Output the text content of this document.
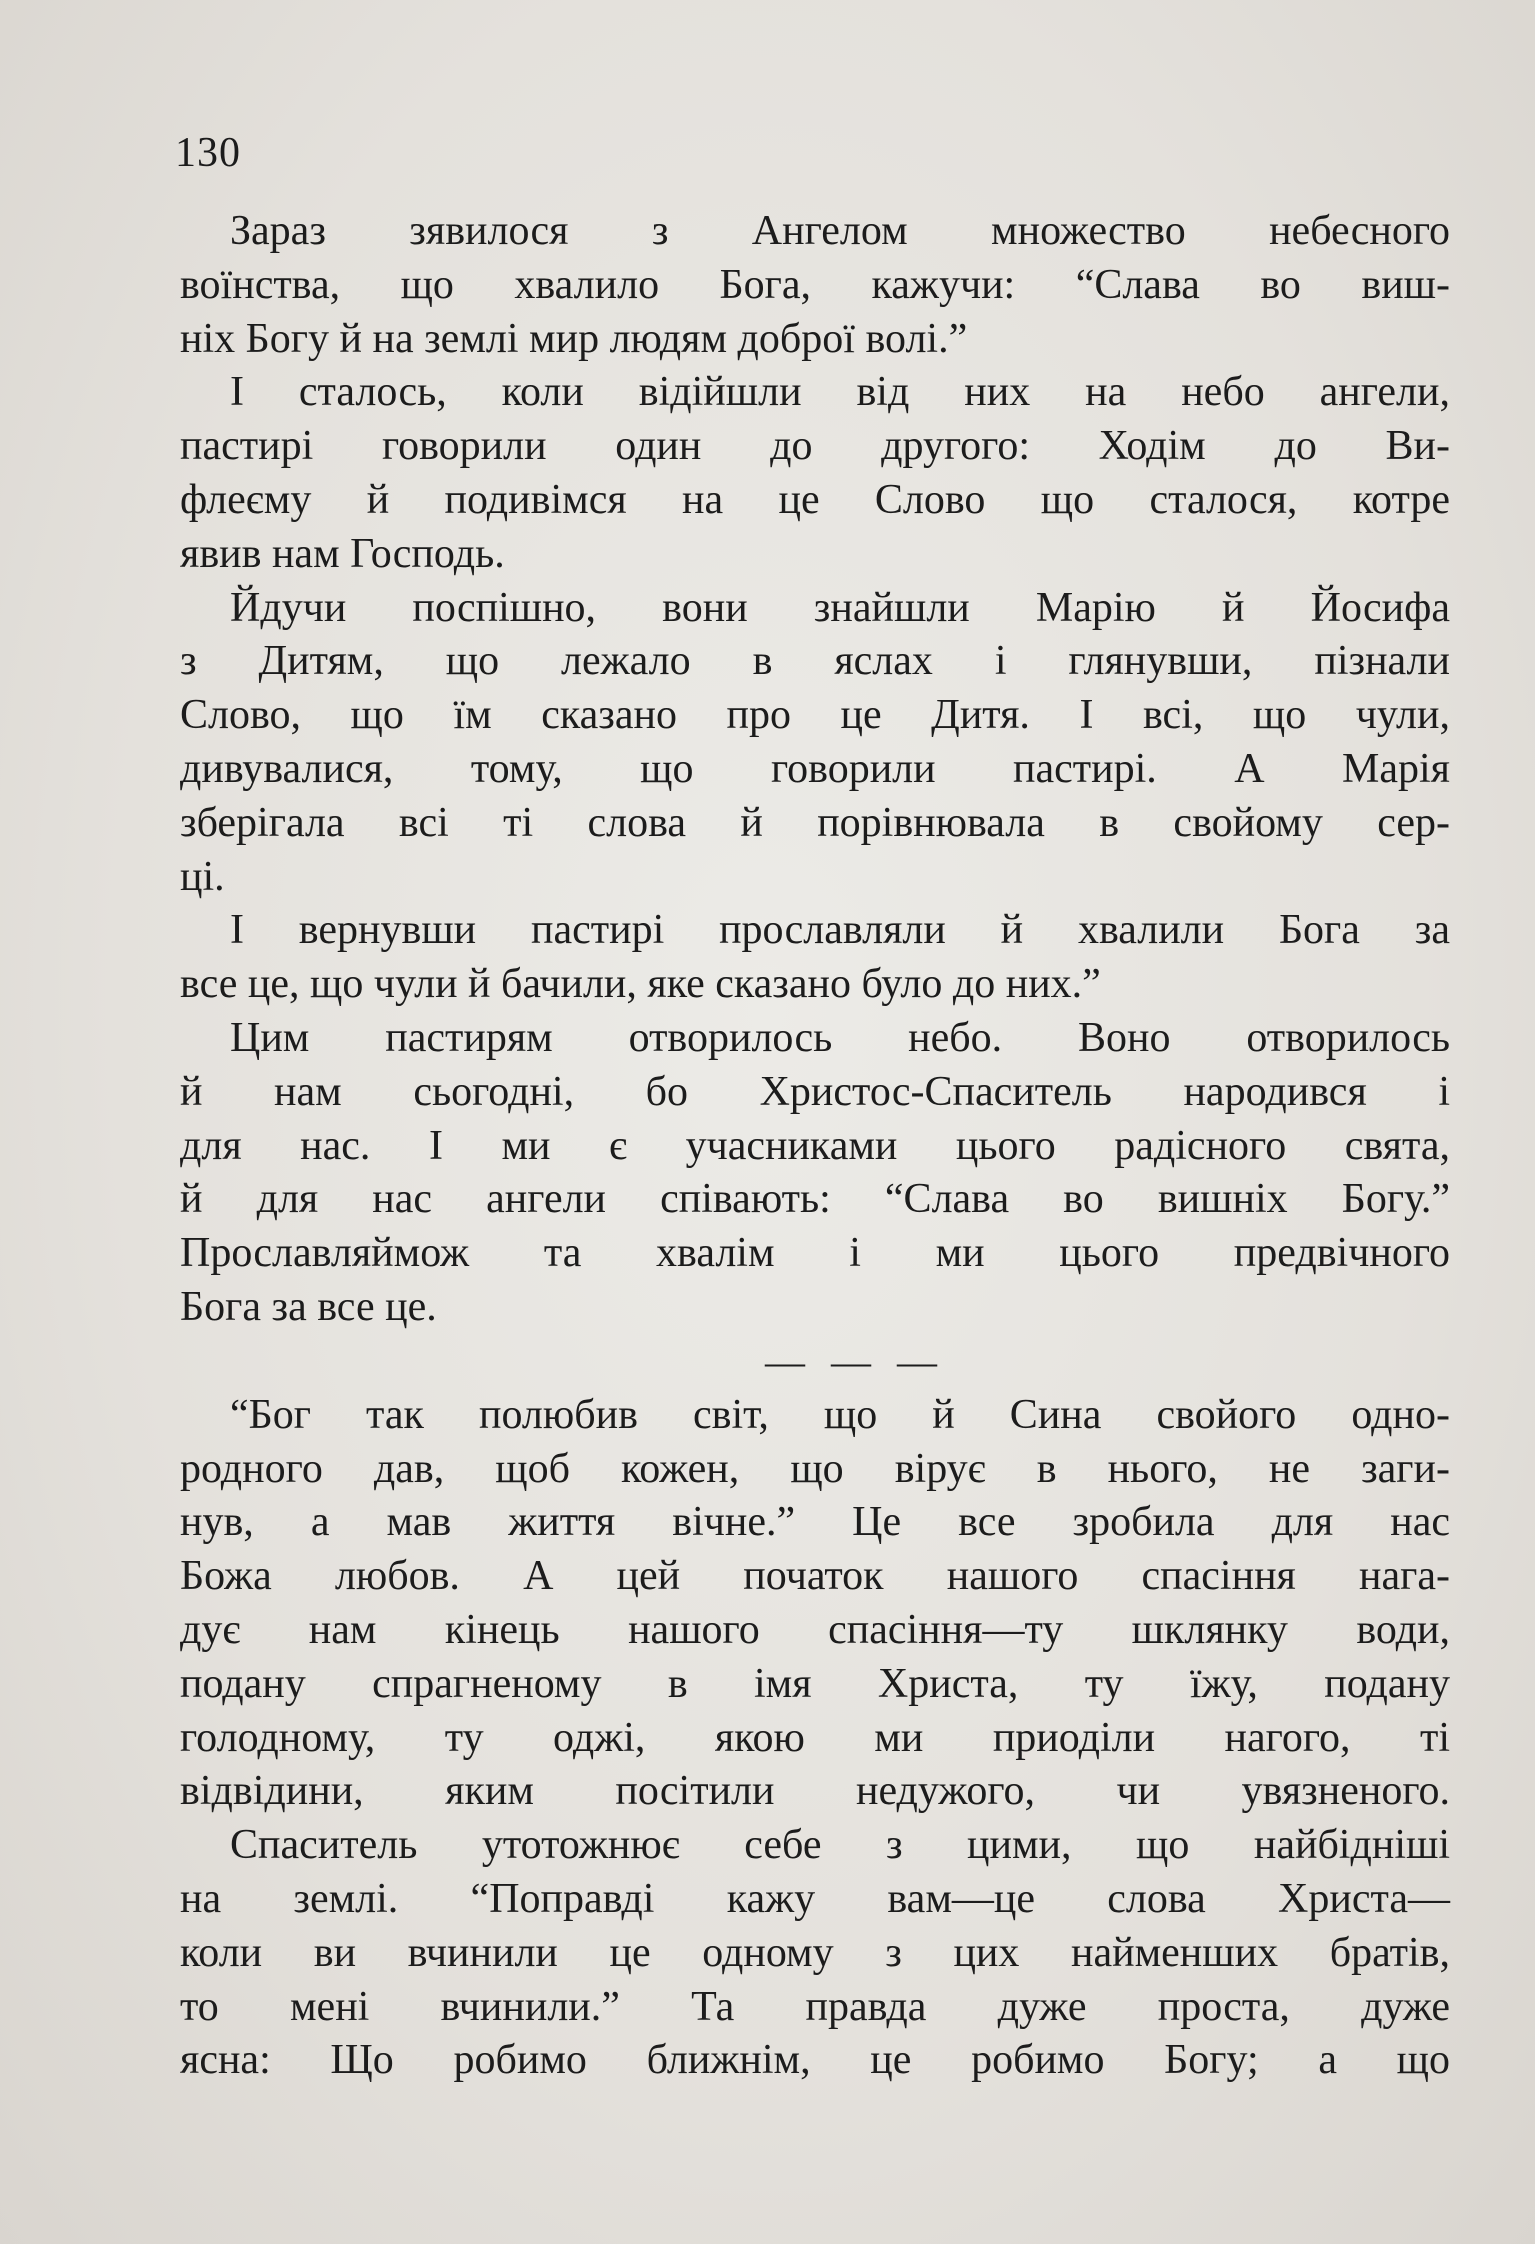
130
Зараз зявилося з Ангелом множество небесного
воїнства, що хвалило Бога, кажучи: “Слава во виш-
ніх Богу й на землі мир людям доброї волі.”
І сталось, коли відійшли від них на небо ангели,
пастирі говорили один до другого: Ходім до Ви-
флеєму й подивімся на це Слово що сталося, котре
явив нам Господь.
Йдучи поспішно, вони знайшли Марію й Йосифа
з Дитям, що лежало в яслах і глянувши, пізнали
Слово, що їм сказано про це Дитя. І всі, що чули,
дивувалися, тому, що говорили пастирі. А Марія
зберігала всі ті слова й порівнювала в свойому сер-
ці.
І вернувши пастирі прославляли й хвалили Бога за
все це, що чули й бачили, яке сказано було до них.”
Цим пастирям отворилось небо. Воно отворилось
й нам сьогодні, бо Христос-Спаситель народився і
для нас. І ми є учасниками цього радісного свята,
й для нас ангели співають: “Слава во вишніх Богу.”
Прославляймож та хвалім і ми цього предвічного
Бога за все це.
— — —
“Бог так полюбив світ, що й Сина свойого одно-
родного дав, щоб кожен, що вірує в нього, не заги-
нув, а мав життя вічне.” Це все зробила для нас
Божа любов. А цей початок нашого спасіння нага-
дує нам кінець нашого спасіння—ту шклянку води,
подану спрагненому в імя Христа, ту їжу, подану
голодному, ту оджі, якою ми приоділи нагого, ті
відвідини, яким посітили недужого, чи увязненого.
Спаситель утотожнює себе з цими, що найбідніші
на землі. “Поправді кажу вам—це слова Христа—
коли ви вчинили це одному з цих найменших братів,
то мені вчинили.” Та правда дуже проста, дуже
ясна: Що робимо ближнім, це робимо Богу; а що
